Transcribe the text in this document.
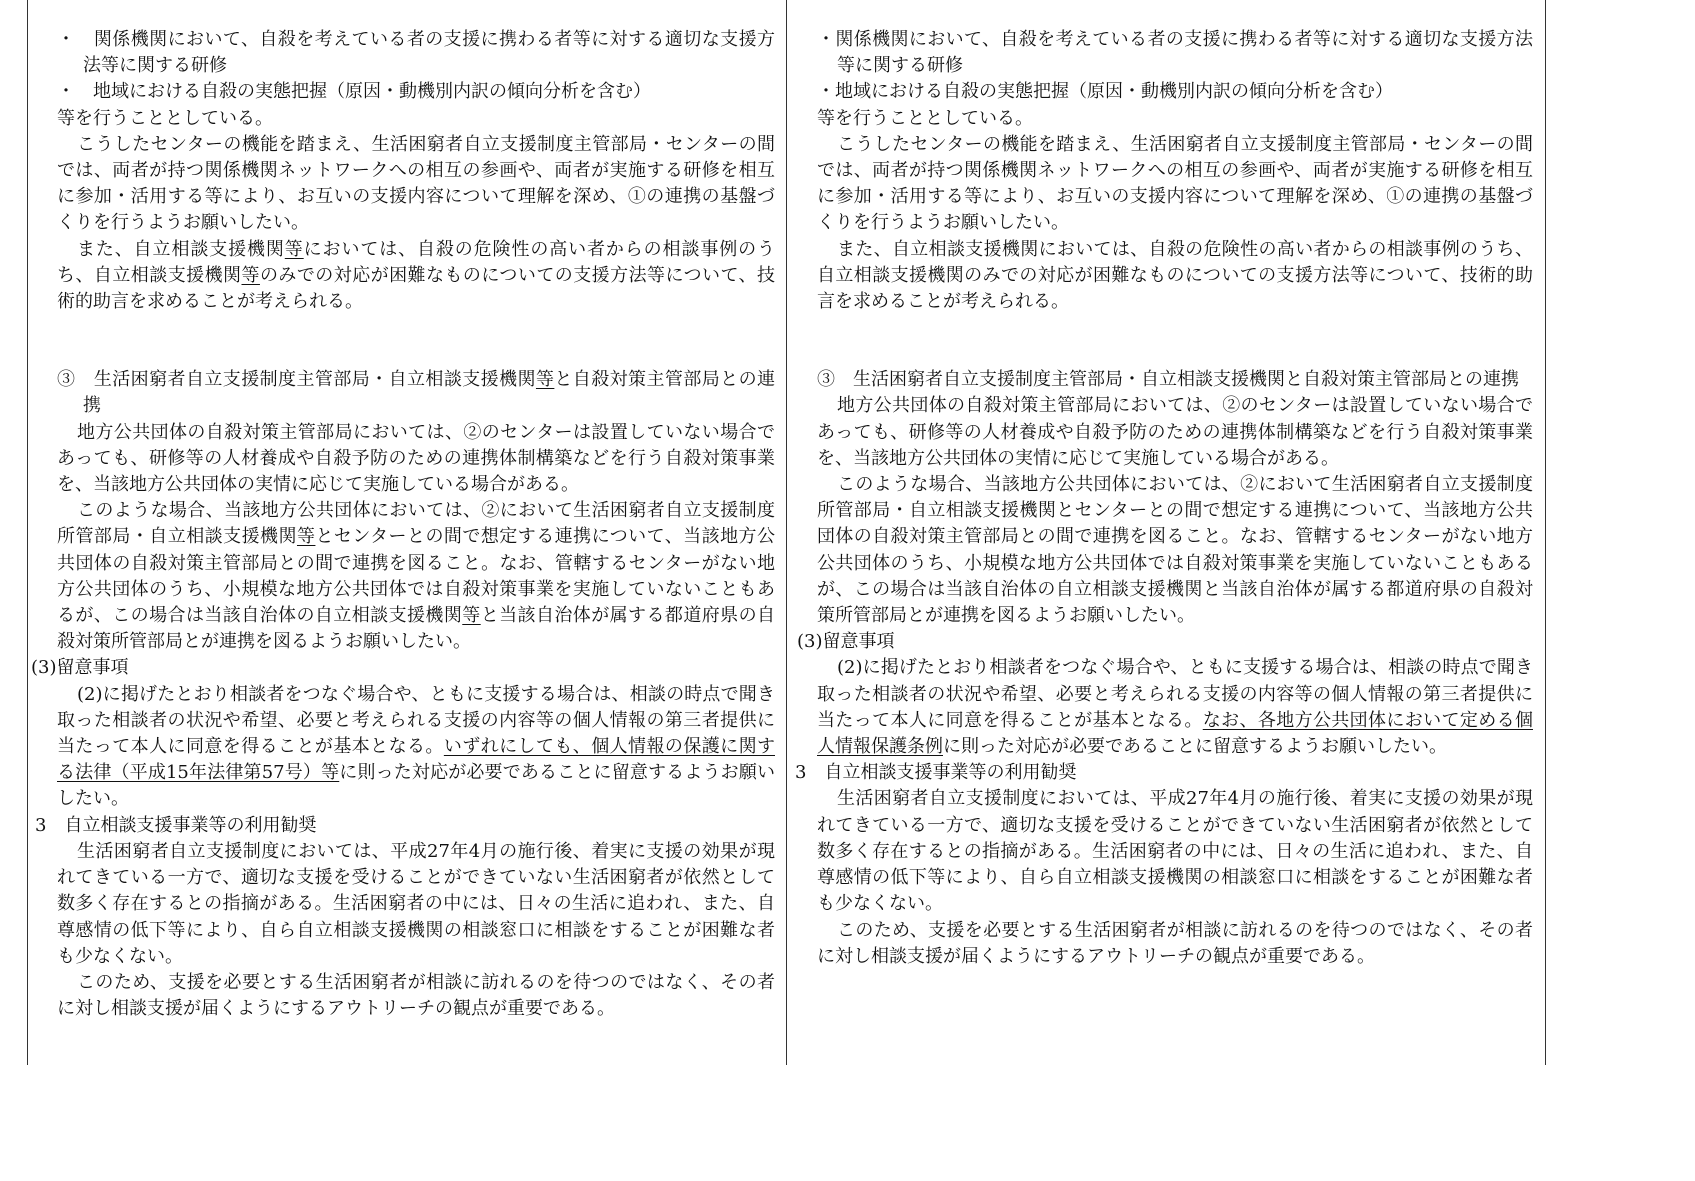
・　関係機関において、自殺を考えている者の支援に携わる者等に対する適切な支援方法等に関する研修

・　地域における自殺の実態把握（原因・動機別内訳の傾向分析を含む）

等を行うこととしている。

こうしたセンターの機能を踏まえ、生活困窮者自立支援制度主管部局・センターの間では、両者が持つ関係機関ネットワークへの相互の参画や、両者が実施する研修を相互に参加・活用する等により、お互いの支援内容について理解を深め、①の連携の基盤づくりを行うようお願いしたい。

また、自立相談支援機関等においては、自殺の危険性の高い者からの相談事例のうち、自立相談支援機関等のみでの対応が困難なものについての支援方法等について、技術的助言を求めることが考えられる。

③　生活困窮者自立支援制度主管部局・自立相談支援機関等と自殺対策主管部局との連携

地方公共団体の自殺対策主管部局においては、②のセンターは設置していない場合であっても、研修等の人材養成や自殺予防のための連携体制構築などを行う自殺対策事業を、当該地方公共団体の実情に応じて実施している場合がある。

このような場合、当該地方公共団体においては、②において生活困窮者自立支援制度所管部局・自立相談支援機関等とセンターとの間で想定する連携について、当該地方公共団体の自殺対策主管部局との間で連携を図ること。なお、管轄するセンターがない地方公共団体のうち、小規模な地方公共団体では自殺対策事業を実施していないこともあるが、この場合は当該自治体の自立相談支援機関等と当該自治体が属する都道府県の自殺対策所管部局とが連携を図るようお願いしたい。

(3)留意事項

(2)に掲げたとおり相談者をつなぐ場合や、ともに支援する場合は、相談の時点で聞き取った相談者の状況や希望、必要と考えられる支援の内容等の個人情報の第三者提供に当たって本人に同意を得ることが基本となる。いずれにしても、個人情報の保護に関する法律（平成15年法律第57号）等に則った対応が必要であることに留意するようお願いしたい。

3　自立相談支援事業等の利用勧奨

生活困窮者自立支援制度においては、平成27年4月の施行後、着実に支援の効果が現れてきている一方で、適切な支援を受けることができていない生活困窮者が依然として数多く存在するとの指摘がある。生活困窮者の中には、日々の生活に追われ、また、自尊感情の低下等により、自ら自立相談支援機関の相談窓口に相談をすることが困難な者も少なくない。

このため、支援を必要とする生活困窮者が相談に訪れるのを待つのではなく、その者に対し相談支援が届くようにするアウトリーチの観点が重要である。

・関係機関において、自殺を考えている者の支援に携わる者等に対する適切な支援方法等に関する研修

・地域における自殺の実態把握（原因・動機別内訳の傾向分析を含む）

等を行うこととしている。

こうしたセンターの機能を踏まえ、生活困窮者自立支援制度主管部局・センターの間では、両者が持つ関係機関ネットワークへの相互の参画や、両者が実施する研修を相互に参加・活用する等により、お互いの支援内容について理解を深め、①の連携の基盤づくりを行うようお願いしたい。

また、自立相談支援機関においては、自殺の危険性の高い者からの相談事例のうち、自立相談支援機関のみでの対応が困難なものについての支援方法等について、技術的助言を求めることが考えられる。

③　生活困窮者自立支援制度主管部局・自立相談支援機関と自殺対策主管部局との連携

地方公共団体の自殺対策主管部局においては、②のセンターは設置していない場合であっても、研修等の人材養成や自殺予防のための連携体制構築などを行う自殺対策事業を、当該地方公共団体の実情に応じて実施している場合がある。

このような場合、当該地方公共団体においては、②において生活困窮者自立支援制度所管部局・自立相談支援機関とセンターとの間で想定する連携について、当該地方公共団体の自殺対策主管部局との間で連携を図ること。なお、管轄するセンターがない地方公共団体のうち、小規模な地方公共団体では自殺対策事業を実施していないこともあるが、この場合は当該自治体の自立相談支援機関と当該自治体が属する都道府県の自殺対策所管部局とが連携を図るようお願いしたい。

(3)留意事項

(2)に掲げたとおり相談者をつなぐ場合や、ともに支援する場合は、相談の時点で聞き取った相談者の状況や希望、必要と考えられる支援の内容等の個人情報の第三者提供に当たって本人に同意を得ることが基本となる。なお、各地方公共団体において定める個人情報保護条例に則った対応が必要であることに留意するようお願いしたい。

3　自立相談支援事業等の利用勧奨

生活困窮者自立支援制度においては、平成27年4月の施行後、着実に支援の効果が現れてきている一方で、適切な支援を受けることができていない生活困窮者が依然として数多く存在するとの指摘がある。生活困窮者の中には、日々の生活に追われ、また、自尊感情の低下等により、自ら自立相談支援機関の相談窓口に相談をすることが困難な者も少なくない。

このため、支援を必要とする生活困窮者が相談に訪れるのを待つのではなく、その者に対し相談支援が届くようにするアウトリーチの観点が重要である。
